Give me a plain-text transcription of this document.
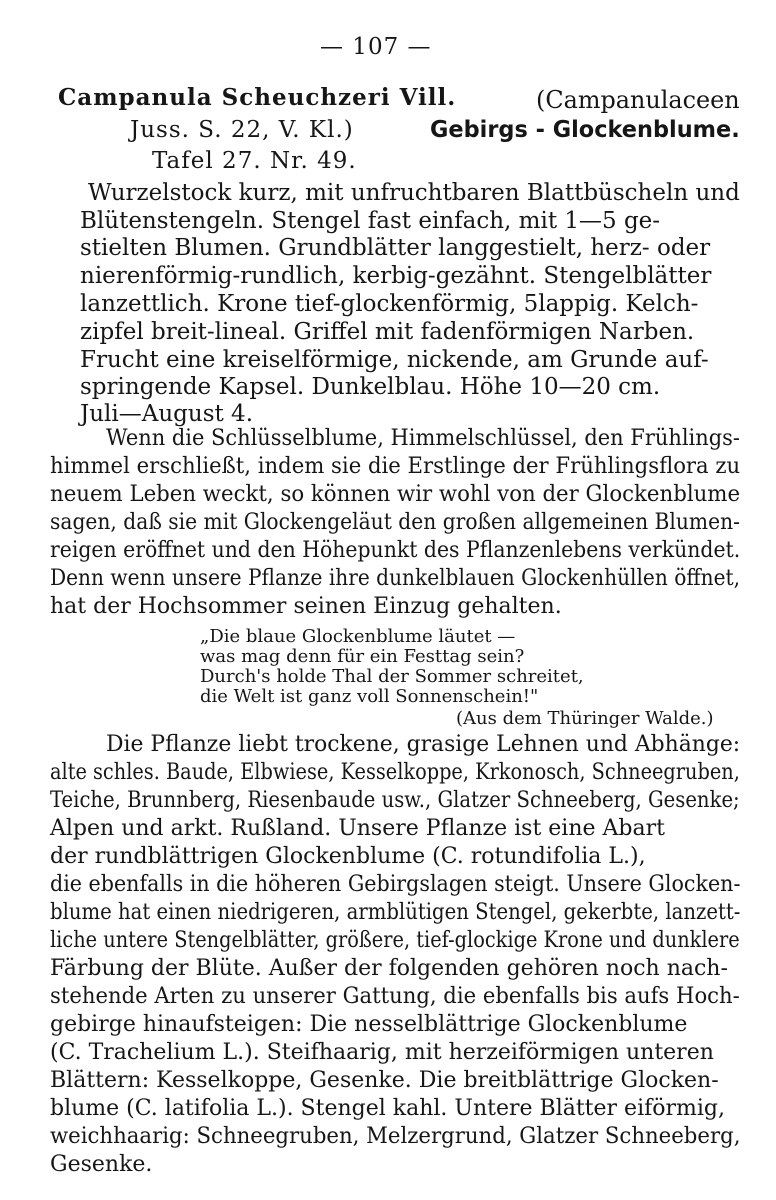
— 107 —
Campanula Scheuchzeri Vill.	(Campanulaceen
Juss. S. 22, V. Kl.)	Gebirgs - Glockenblume.
Tafel 27. Nr. 49.
Wurzelstock kurz, mit unfruchtbaren Blattbüscheln und
Blütenstengeln. Stengel fast einfach, mit 1—5 ge-
stielten Blumen. Grundblätter langgestielt, herz- oder
nierenförmig-rundlich, kerbig-gezähnt. Stengelblätter
lanzettlich. Krone tief-glockenförmig, 5lappig. Kelch-
zipfel breit-lineal. Griffel mit fadenförmigen Narben.
Frucht eine kreiselförmige, nickende, am Grunde auf-
springende Kapsel. Dunkelblau. Höhe 10—20 cm.
Juli—August 4.
Wenn die Schlüsselblume, Himmelschlüssel, den Frühlings-
himmel erschließt, indem sie die Erstlinge der Frühlingsflora zu
neuem Leben weckt, so können wir wohl von der Glockenblume
sagen, daß sie mit Glockengeläut den großen allgemeinen Blumen-
reigen eröffnet und den Höhepunkt des Pflanzenlebens verkündet.
Denn wenn unsere Pflanze ihre dunkelblauen Glockenhüllen öffnet,
hat der Hochsommer seinen Einzug gehalten.
„Die blaue Glockenblume läutet —
was mag denn für ein Festtag sein?
Durch's holde Thal der Sommer schreitet,
die Welt ist ganz voll Sonnenschein!"
(Aus dem Thüringer Walde.)
Die Pflanze liebt trockene, grasige Lehnen und Abhänge:
alte schles. Baude, Elbwiese, Kesselkoppe, Krkonosch, Schneegruben,
Teiche, Brunnberg, Riesenbaude usw., Glatzer Schneeberg, Gesenke;
Alpen und arkt. Rußland. Unsere Pflanze ist eine Abart
der rundblättrigen Glockenblume (C. rotundifolia L.),
die ebenfalls in die höheren Gebirgslagen steigt. Unsere Glocken-
blume hat einen niedrigeren, armblütigen Stengel, gekerbte, lanzett-
liche untere Stengelblätter, größere, tief-glockige Krone und dunklere
Färbung der Blüte. Außer der folgenden gehören noch nach-
stehende Arten zu unserer Gattung, die ebenfalls bis aufs Hoch-
gebirge hinaufsteigen: Die nesselblättrige Glockenblume
(C. Trachelium L.). Steifhaarig, mit herzeiförmigen unteren
Blättern: Kesselkoppe, Gesenke. Die breitblättrige Glocken-
blume (C. latifolia L.). Stengel kahl. Untere Blätter eiförmig,
weichhaarig: Schneegruben, Melzergrund, Glatzer Schneeberg,
Gesenke.
